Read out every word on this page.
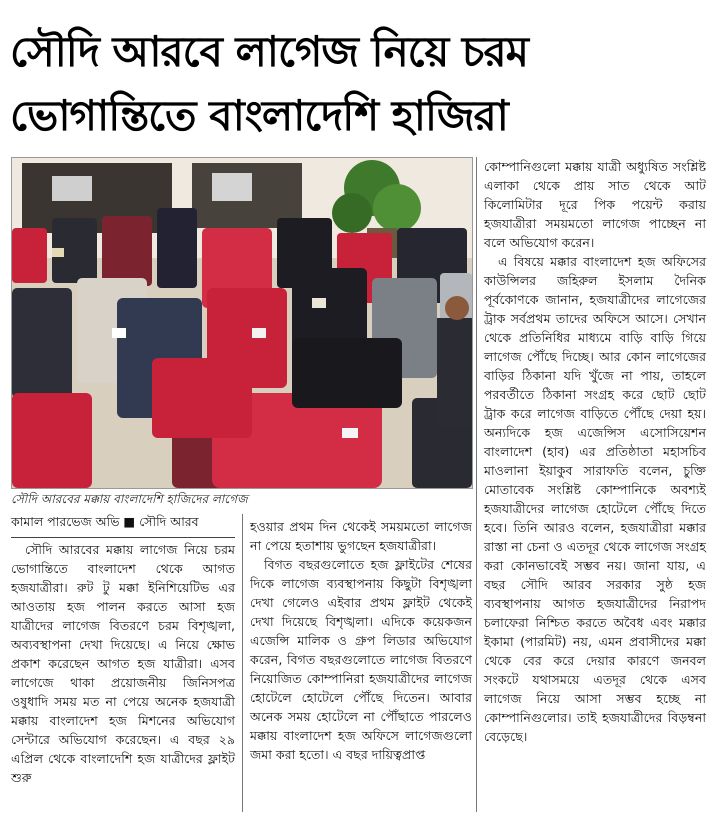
সৌদি আরবে লাগেজ নিয়ে চরম
ভোগান্তিতে বাংলাদেশি হাজিরা
সৌদি আরবের মক্কায় বাংলাদেশি হাজিদের লাগেজ
কামাল পারভেজ অভি ■ সৌদি আরব

সৌদি আরবের মক্কায় লাগেজ নিয়ে চরম ভোগান্তিতে বাংলাদেশ থেকে আগত হজযাত্রীরা। রুট টু মক্কা ইনিশিয়েটিভ এর আওতায় হজ পালন করতে আসা হজ যাত্রীদের লাগেজ বিতরণে চরম বিশৃঙ্খলা, অব্যবস্থাপনা দেখা দিয়েছে। এ নিয়ে ক্ষোভ প্রকাশ করেছেন আগত হজ যাত্রীরা। এসব লাগেজে থাকা প্রয়োজনীয় জিনিসপত্র ওষুধাদি সময় মত না পেয়ে অনেক হজযাত্রী মক্কায় বাংলাদেশ হজ মিশনের অভিযোগ সেন্টারে অভিযোগ করেছেন। এ বছর ২৯ এপ্রিল থেকে বাংলাদেশি হজ যাত্রীদের ফ্লাইট শুরু

হওয়ার প্রথম দিন থেকেই সময়মতো লাগেজ না পেয়ে হতাশায় ভুগছেন হজযাত্রীরা।

বিগত বছরগুলোতে হজ ফ্লাইটের শেষের দিকে লাগেজ ব্যবস্থাপনায় কিছুটা বিশৃঙ্খলা দেখা গেলেও এইবার প্রথম ফ্লাইট থেকেই দেখা দিয়েছে বিশৃঙ্খলা। এদিকে কয়েকজন এজেন্সি মালিক ও গ্রুপ লিডার অভিযোগ করেন, বিগত বছরগুলোতে লাগেজ বিতরণে নিয়োজিত কোম্পানিরা হজযাত্রীদের লাগেজ হোটেলে হোটেলে পৌঁছে দিতেন। আবার অনেক সময় হোটেলে না পৌঁছাতে পারলেও মক্কায় বাংলাদেশ হজ অফিসে লাগেজগুলো জমা করা হতো। এ বছর দায়িত্বপ্রাপ্ত

কোম্পানিগুলো মক্কায় যাত্রী অধ্যুষিত সংশ্লিষ্ট এলাকা থেকে প্রায় সাত থেকে আট কিলোমিটার দূরে পিক পয়েন্ট করায় হজযাত্রীরা সময়মতো লাগেজ পাচ্ছেন না বলে অভিযোগ করেন।

এ বিষয়ে মক্কার বাংলাদেশ হজ অফিসের কাউন্সিলর জহিরুল ইসলাম দৈনিক পূর্বকোণকে জানান, হজযাত্রীদের লাগেজের ট্রাক সর্বপ্রথম তাদের অফিসে আসে। সেখান থেকে প্রতিনিধির মাধ্যমে বাড়ি বাড়ি গিয়ে লাগেজ পৌঁছে দিচ্ছে। আর কোন লাগেজের বাড়ির ঠিকানা যদি খুঁজে না পায়, তাহলে পরবর্তীতে ঠিকানা সংগ্রহ করে ছোট ছোট ট্রাক করে লাগেজ বাড়িতে পৌঁছে দেয়া হয়। অন্যদিকে হজ এজেন্সিস এসোসিয়েশন বাংলাদেশ (হাব) এর প্রতিষ্ঠাতা মহাসচিব মাওলানা ইয়াকুব সারাফতি বলেন, চুক্তি মোতাবেক সংশ্লিষ্ট কোম্পানিকে অবশ্যই হজযাত্রীদের লাগেজ হোটেলে পৌঁছে দিতে হবে। তিনি আরও বলেন, হজযাত্রীরা মক্কার রাস্তা না চেনা ও এতদূর থেকে লাগেজ সংগ্রহ করা কোনভাবেই সম্ভব নয়। জানা যায়, এ বছর সৌদি আরব সরকার সুষ্ঠ হজ ব্যবস্থাপনায় আগত হজযাত্রীদের নিরাপদ চলাফেরা নিশ্চিত করতে অবৈধ এবং মক্কার ইকামা (পারমিট) নয়, এমন প্রবাসীদের মক্কা থেকে বের করে দেয়ার কারণে জনবল সংকটে যথাসময়ে এতদূর থেকে এসব লাগেজ নিয়ে আসা সম্ভব হচ্ছে না কোম্পানিগুলোর। তাই হজযাত্রীদের বিড়ম্বনা বেড়েছে।
